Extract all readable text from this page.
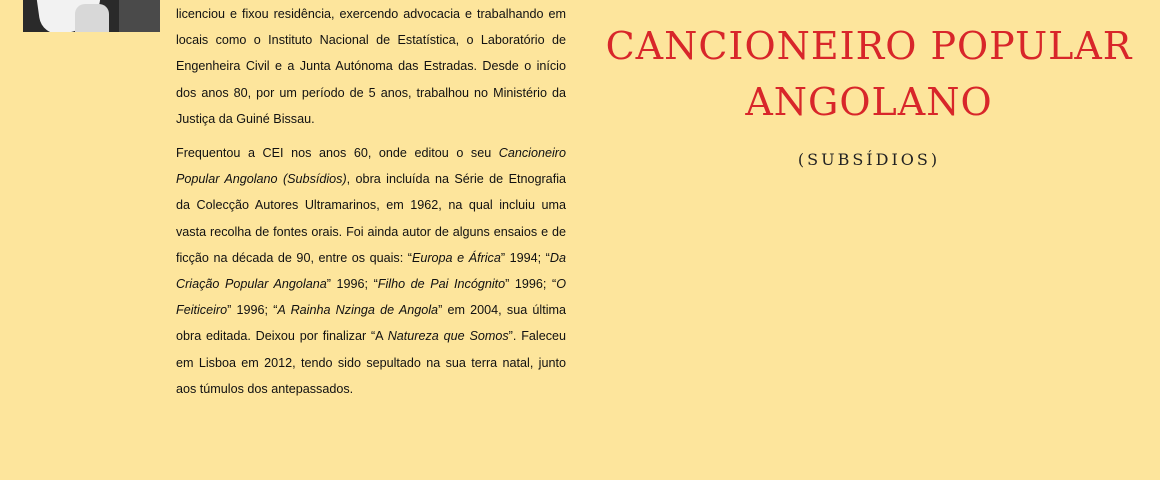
licenciou e fixou residência, exercendo advocacia e trabalhando em locais como o Instituto Nacional de Estatística, o Laboratório de Engenheira Civil e a Junta Autónoma das Estradas. Desde o início dos anos 80, por um período de 5 anos, trabalhou no Ministério da Justiça da Guiné Bissau.

Frequentou a CEI nos anos 60, onde editou o seu Cancioneiro Popular Angolano (Subsídios), obra incluída na Série de Etnografia da Colecção Autores Ultramarinos, em 1962, na qual incluiu uma vasta recolha de fontes orais. Foi ainda autor de alguns ensaios e de ficção na década de 90, entre os quais: “Europa e África” 1994; “Da Criação Popular Angolana” 1996; “Filho de Pai Incógnito” 1996; “O Feiticeiro” 1996; “A Rainha Nzinga de Angola” em 2004, sua última obra editada. Deixou por finalizar “A Natureza que Somos”. Faleceu em Lisboa em 2012, tendo sido sepultado na sua terra natal, junto aos túmulos dos antepassados.

CANCIONEIRO POPULAR
ANGOLANO
(SUBSÍDIOS)
